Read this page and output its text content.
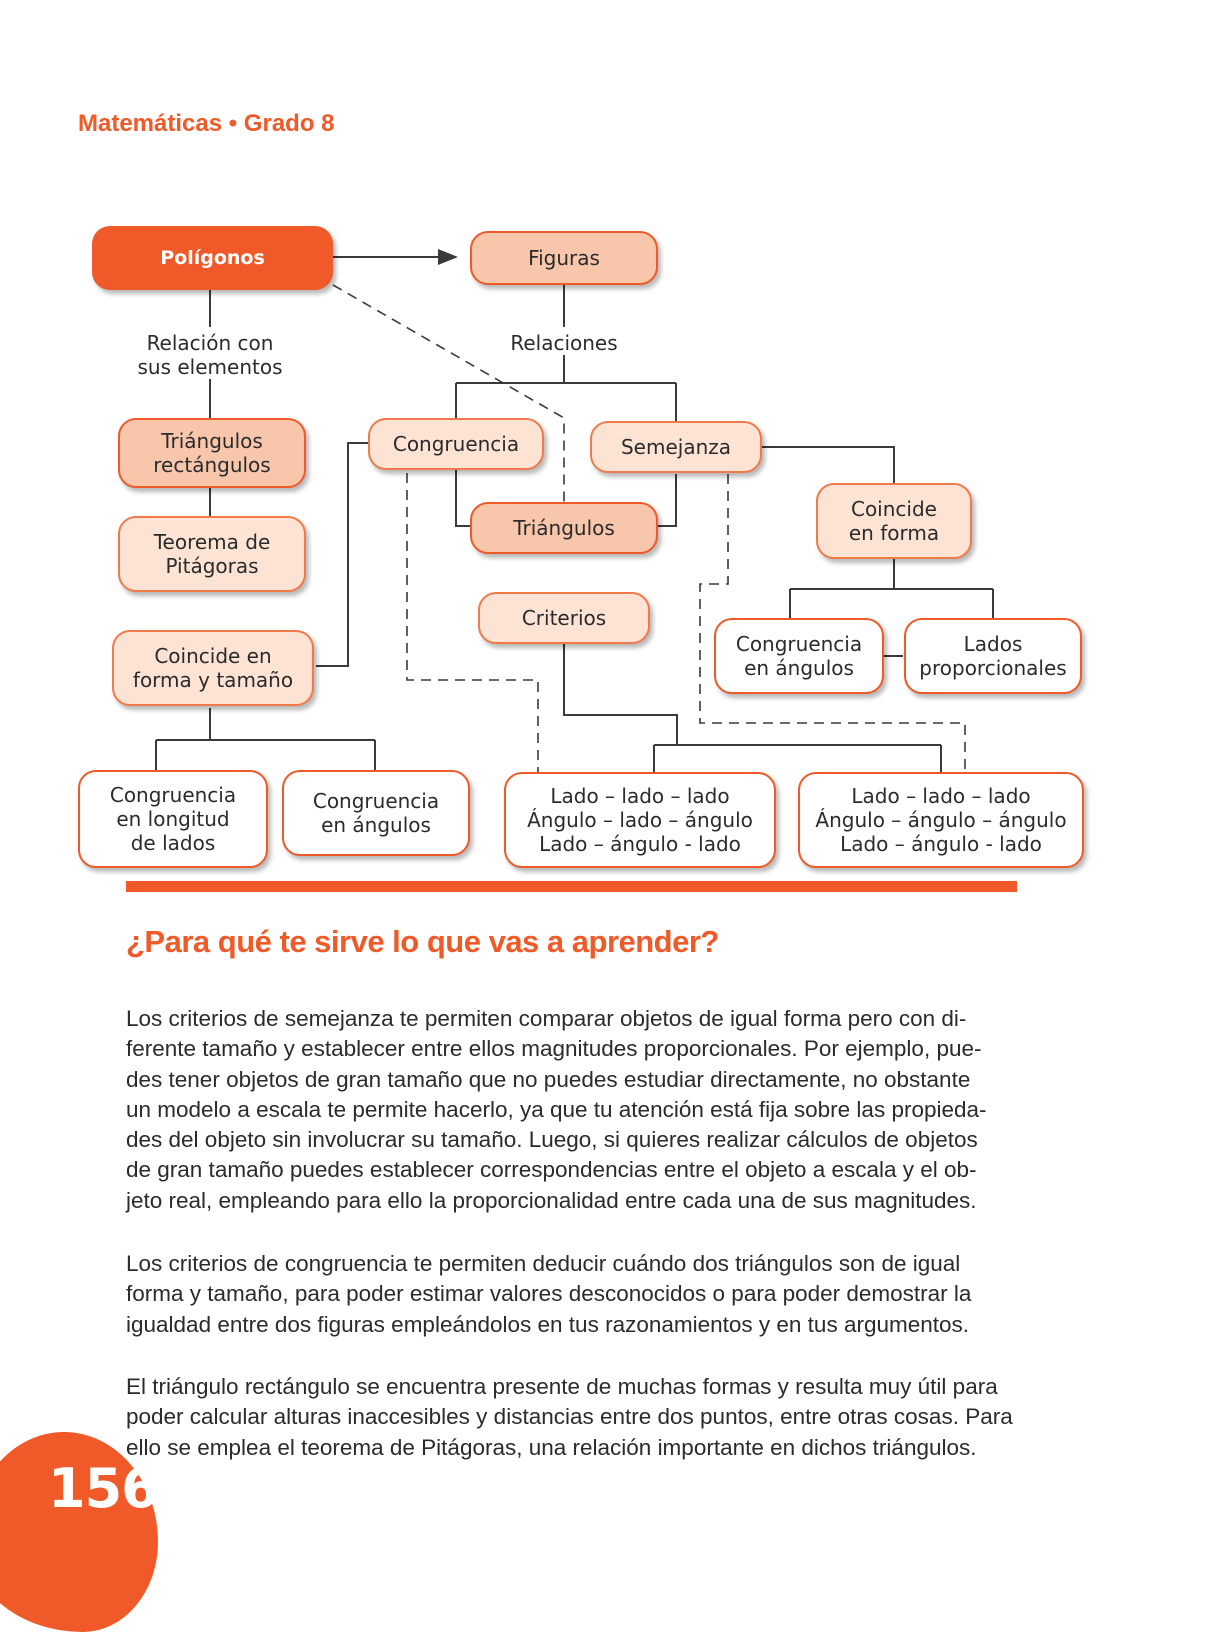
Matemáticas • Grado 8
Polígonos	Figuras
Relación con
sus elementos
Relaciones
Triángulos
rectángulos
Teorema de
Pitágoras
Coincide en
forma y tamaño
Congruencia	Semejanza
Triángulos
Criterios
Coincide
en forma
Congruencia
en ángulos
Lados
proporcionales
Congruencia
en longitud
de lados
Congruencia
en ángulos
Lado – lado – lado
Ángulo – lado – ángulo
Lado – ángulo - lado
Lado – lado – lado
Ángulo – ángulo – ángulo
Lado – ángulo - lado
¿Para qué te sirve lo que vas a aprender?

Los criterios de semejanza te permiten comparar objetos de igual forma pero con di-
ferente tamaño y establecer entre ellos magnitudes proporcionales. Por ejemplo, pue-
des tener objetos de gran tamaño que no puedes estudiar directamente, no obstante
un modelo a escala te permite hacerlo, ya que tu atención está fija sobre las propieda-
des del objeto sin involucrar su tamaño. Luego, si quieres realizar cálculos de objetos
de gran tamaño puedes establecer correspondencias entre el objeto a escala y el ob-
jeto real, empleando para ello la proporcionalidad entre cada una de sus magnitudes.

Los criterios de congruencia te permiten deducir cuándo dos triángulos son de igual
forma y tamaño, para poder estimar valores desconocidos o para poder demostrar la
igualdad entre dos figuras empleándolos en tus razonamientos y en tus argumentos.

El triángulo rectángulo se encuentra presente de muchas formas y resulta muy útil para
poder calcular alturas inaccesibles y distancias entre dos puntos, entre otras cosas. Para
ello se emplea el teorema de Pitágoras, una relación importante en dichos triángulos.

156
